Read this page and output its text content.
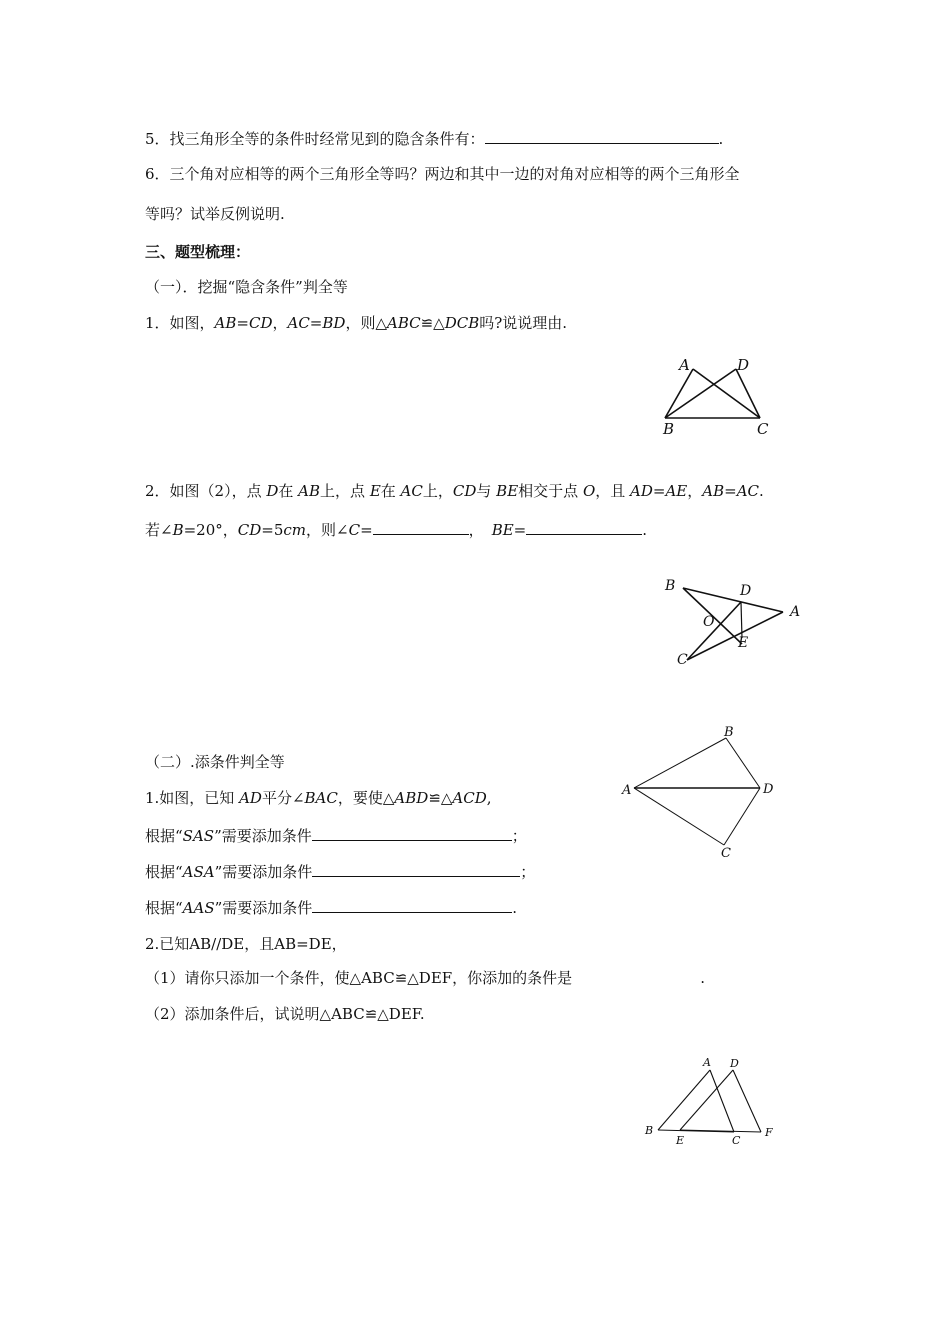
5．找三角形全等的条件时经常见到的隐含条件有：	.
6．三个角对应相等的两个三角形全等吗？两边和其中一边的对角对应相等的两个三角形全
等吗？试举反例说明.
三、题型梳理：
（一）．挖掘“隐含条件”判全等
1．如图，AB=CD，AC=BD，则△ABC≌△DCB吗?说说理由.
A	D
B	C
2．如图（2），点 D在 AB上，点 E在 AC上，CD与 BE相交于点 O，且 AD=AE，AB=AC.
若∠B=20°，CD=5cm，则∠C=	， BE=	.
B	D
A
O
C
E
（二）.添条件判全等
1.如图，已知 AD平分∠BAC，要使△ABD≌△ACD,
根据“SAS”需要添加条件	；
根据“ASA”需要添加条件	；
根据“AAS”需要添加条件	.
A
B
D
C
2.已知AB//DE，且AB=DE，
（1）请你只添加一个条件，使△ABC≌△DEF，你添加的条件是	.
（2）添加条件后，试说明△ABC≌△DEF.
A D
B
E	C
F
